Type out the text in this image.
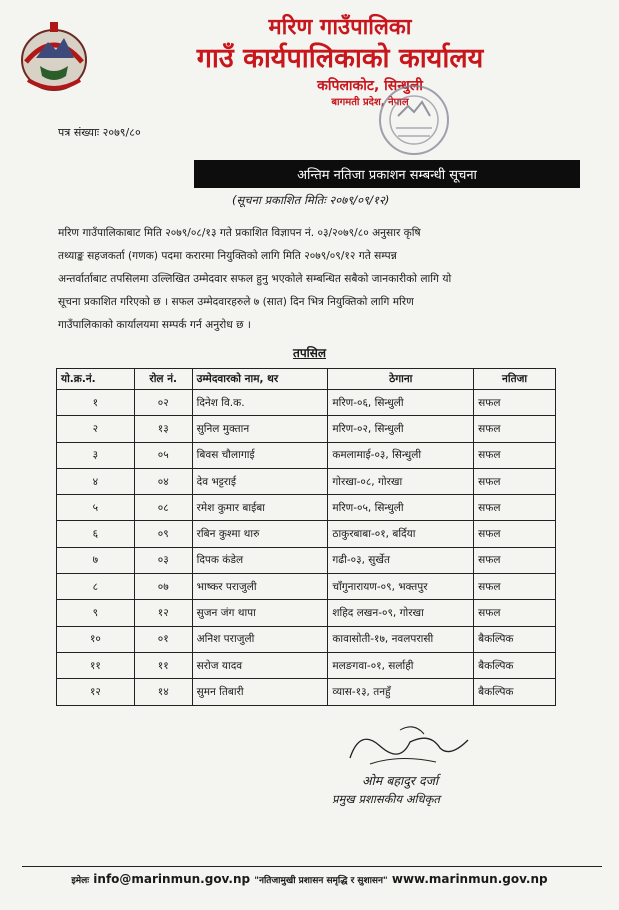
मरिण गाउँपालिका
गाउँ कार्यपालिकाको कार्यालय
कपिलाकोट, सिन्धुली
बागमती प्रदेश, नेपाल
पत्र संख्याः २०७९/८०
अन्तिम नतिजा प्रकाशन सम्बन्धी सूचना
(सूचना प्रकाशित मितिः २०७९/०९/१२)
मरिण गाउँपालिकाबाट मिति २०७९/०८/१३ गते प्रकाशित विज्ञापन नं. ०३/२०७९/८० अनुसार कृषि
तथ्याङ्क सहजकर्ता (गणक) पदमा करारमा नियुक्तिको लागि मिति २०७९/०९/१२ गते सम्पन्न
अन्तर्वार्ताबाट तपसिलमा उल्लिखित उम्मेदवार सफल हुनु भएकोले सम्बन्धित सबैको जानकारीको लागि यो
सूचना प्रकाशित गरिएको छ । सफल उम्मेदवारहरुले ७ (सात) दिन भित्र नियुक्तिको लागि मरिण
गाउँपालिकाको कार्यालयमा सम्पर्क गर्न अनुरोध छ ।
तपसिल
यो.क्र.नं.	रोल नं.	उम्मेदवारको नाम, थर	ठेगाना	नतिजा
१	०२	दिनेश वि.क.	मरिण-०६, सिन्धुली	सफल
२	१३	सुनिल मुक्तान	मरिण-०२, सिन्धुली	सफल
३	०५	बिवस चौलागाई	कमलामाई-०३, सिन्धुली	सफल
४	०४	देव भट्टराई	गोरखा-०८, गोरखा	सफल
५	०८	रमेश कुमार बाईबा	मरिण-०५, सिन्धुली	सफल
६	०९	रबिन कुश्मा थारु	ठाकुरबाबा-०१, बर्दिया	सफल
७	०३	दिपक कंडेल	गढी-०३, सुर्खेत	सफल
८	०७	भाष्कर पराजुली	चाँगुनारायण-०९, भक्तपुर	सफल
९	१२	सुजन जंग थापा	शहिद लखन-०९, गोरखा	सफल
१०	०१	अनिश पराजुली	कावासोती-१७, नवलपरासी	बैकल्पिक
११	११	सरोज यादव	मलङगवा-०१, सर्लाही	बैकल्पिक
१२	१४	सुमन तिबारी	व्यास-१३, तनहुँ	बैकल्पिक
ओम बहादुर दर्जा
प्रमुख प्रशासकीय अधिकृत
इमेलः info@marinmun.gov.np "नतिजामुखी प्रशासन समृद्धि र सुशासन" www.marinmun.gov.np
